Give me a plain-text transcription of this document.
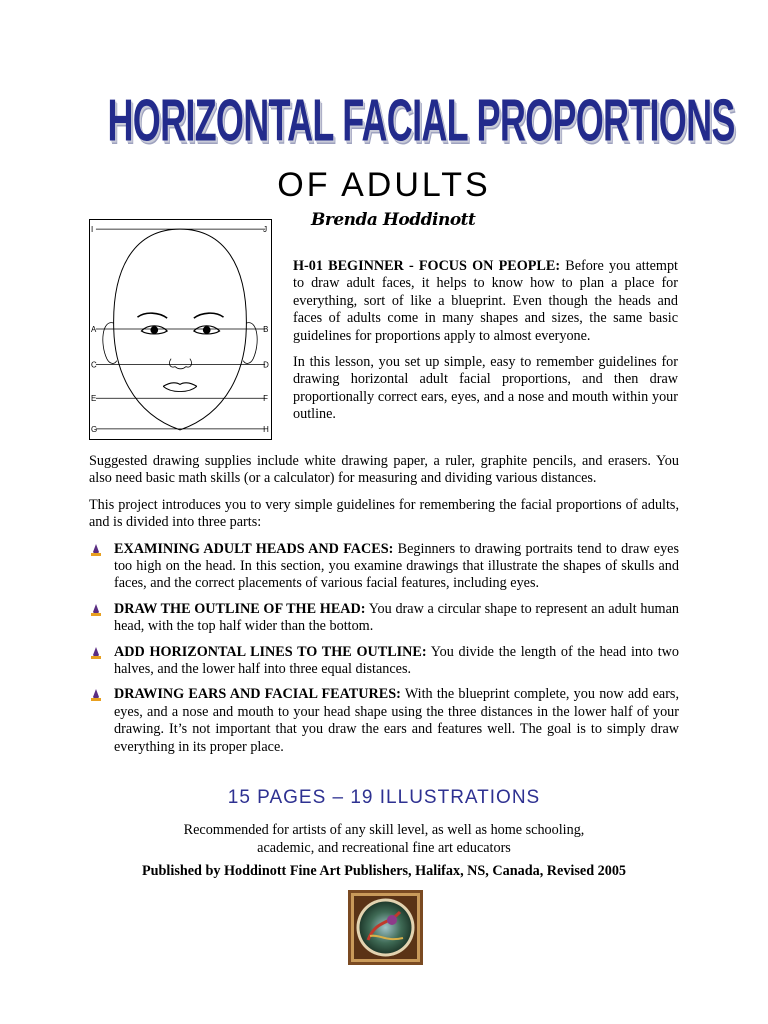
HORIZONTAL FACIAL PROPORTIONS
OF ADULTS
Brenda Hoddinott
I	J
A	B
C	D
E	F
G	H

H-01 BEGINNER - FOCUS ON PEOPLE: Before you attempt to draw adult faces, it helps to know how to plan a place for everything, sort of like a blueprint. Even though the heads and faces of adults come in many shapes and sizes, the same basic guidelines for proportions apply to almost everyone.

In this lesson, you set up simple, easy to remember guidelines for drawing horizontal adult facial proportions, and then draw proportionally correct ears, eyes, and a nose and mouth within your outline.

Suggested drawing supplies include white drawing paper, a ruler, graphite pencils, and erasers. You also need basic math skills (or a calculator) for measuring and dividing various distances.

This project introduces you to very simple guidelines for remembering the facial proportions of adults, and is divided into three parts:

EXAMINING ADULT HEADS AND FACES: Beginners to drawing portraits tend to draw eyes too high on the head. In this section, you examine drawings that illustrate the shapes of skulls and faces, and the correct placements of various facial features, including eyes.
DRAW THE OUTLINE OF THE HEAD: You draw a circular shape to represent an adult human head, with the top half wider than the bottom.
ADD HORIZONTAL LINES TO THE OUTLINE: You divide the length of the head into two halves, and the lower half into three equal distances.
DRAWING EARS AND FACIAL FEATURES: With the blueprint complete, you now add ears, eyes, and a nose and mouth to your head shape using the three distances in the lower half of your drawing. It’s not important that you draw the ears and features well. The goal is to simply draw everything in its proper place.
15 PAGES – 19 ILLUSTRATIONS
Recommended for artists of any skill level, as well as home schooling,
academic, and recreational fine art educators
Published by Hoddinott Fine Art Publishers, Halifax, NS, Canada, Revised 2005
